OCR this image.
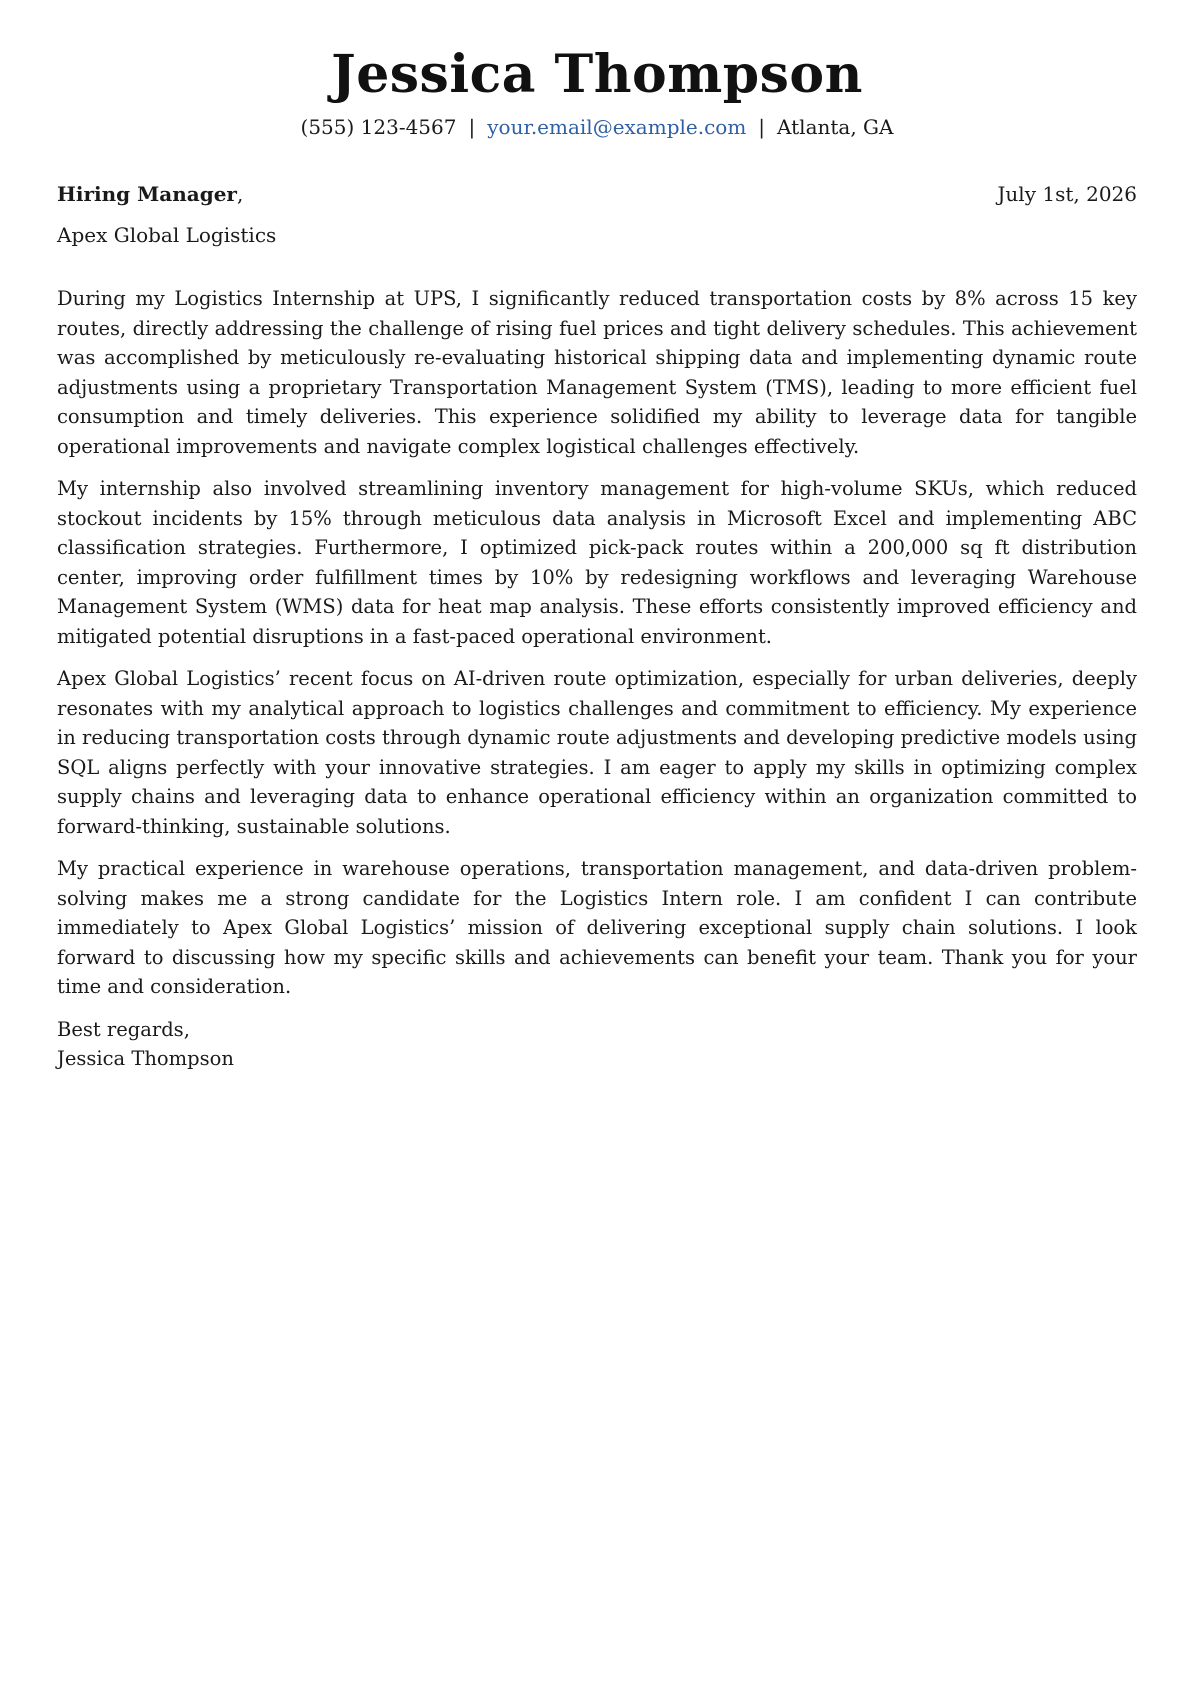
Jessica Thompson
(555) 123-4567 | your.email@example.com | Atlanta, GA
Hiring Manager,	July 1st, 2026
Apex Global Logistics

During my Logistics Internship at UPS, I significantly reduced transportation costs by 8% across 15 key routes, directly addressing the challenge of rising fuel prices and tight delivery schedules. This achievement was accomplished by meticulously re-evaluating historical shipping data and implementing dynamic route adjustments using a proprietary Transportation Management System (TMS), leading to more efficient fuel consumption and timely deliveries. This experience solidified my ability to leverage data for tangible operational improvements and navigate complex logistical challenges effectively.

My internship also involved streamlining inventory management for high-volume SKUs, which reduced stockout incidents by 15% through meticulous data analysis in Microsoft Excel and implementing ABC classification strategies. Furthermore, I optimized pick-pack routes within a 200,000 sq ft distribution center, improving order fulfillment times by 10% by redesigning workflows and leveraging Warehouse Management System (WMS) data for heat map analysis. These efforts consistently improved efficiency and mitigated potential disruptions in a fast-paced operational environment.

Apex Global Logistics’ recent focus on AI-driven route optimization, especially for urban deliveries, deeply resonates with my analytical approach to logistics challenges and commitment to efficiency. My experience in reducing transportation costs through dynamic route adjustments and developing predictive models using SQL aligns perfectly with your innovative strategies. I am eager to apply my skills in optimizing complex supply chains and leveraging data to enhance operational efficiency within an organization committed to forward-thinking, sustainable solutions.

My practical experience in warehouse operations, transportation management, and data-driven problem-solving makes me a strong candidate for the Logistics Intern role. I am confident I can contribute immediately to Apex Global Logistics’ mission of delivering exceptional supply chain solutions. I look forward to discussing how my specific skills and achievements can benefit your team. Thank you for your time and consideration.

Best regards,
Jessica Thompson
